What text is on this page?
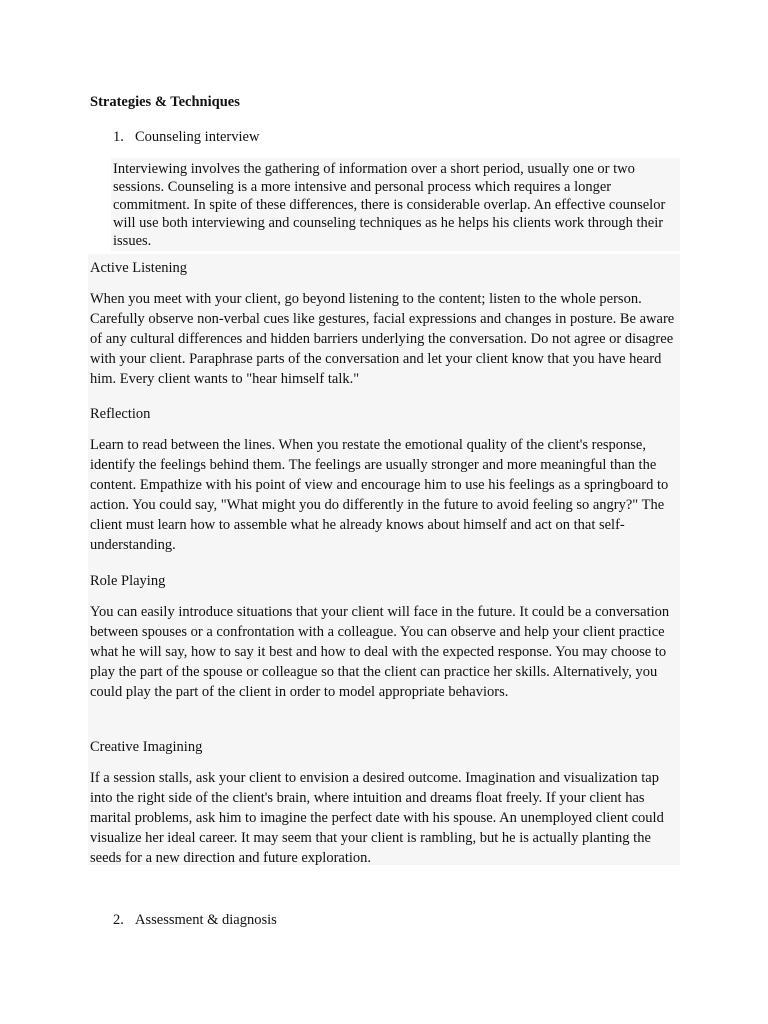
Strategies & Techniques
1. Counseling interview

Interviewing involves the gathering of information over a short period, usually one or two sessions. Counseling is a more intensive and personal process which requires a longer commitment. In spite of these differences, there is considerable overlap. An effective counselor will use both interviewing and counseling techniques as he helps his clients work through their issues.

Active Listening

When you meet with your client, go beyond listening to the content; listen to the whole person. Carefully observe non-verbal cues like gestures, facial expressions and changes in posture. Be aware of any cultural differences and hidden barriers underlying the conversation. Do not agree or disagree with your client. Paraphrase parts of the conversation and let your client know that you have heard him. Every client wants to "hear himself talk."

Reflection

Learn to read between the lines. When you restate the emotional quality of the client's response, identify the feelings behind them. The feelings are usually stronger and more meaningful than the content. Empathize with his point of view and encourage him to use his feelings as a springboard to action. You could say, "What might you do differently in the future to avoid feeling so angry?" The client must learn how to assemble what he already knows about himself and act on that self-understanding.

Role Playing

You can easily introduce situations that your client will face in the future. It could be a conversation between spouses or a confrontation with a colleague. You can observe and help your client practice what he will say, how to say it best and how to deal with the expected response. You may choose to play the part of the spouse or colleague so that the client can practice her skills. Alternatively, you could play the part of the client in order to model appropriate behaviors.

Creative Imagining

If a session stalls, ask your client to envision a desired outcome. Imagination and visualization tap into the right side of the client's brain, where intuition and dreams float freely. If your client has marital problems, ask him to imagine the perfect date with his spouse. An unemployed client could visualize her ideal career. It may seem that your client is rambling, but he is actually planting the seeds for a new direction and future exploration.

2. Assessment & diagnosis
